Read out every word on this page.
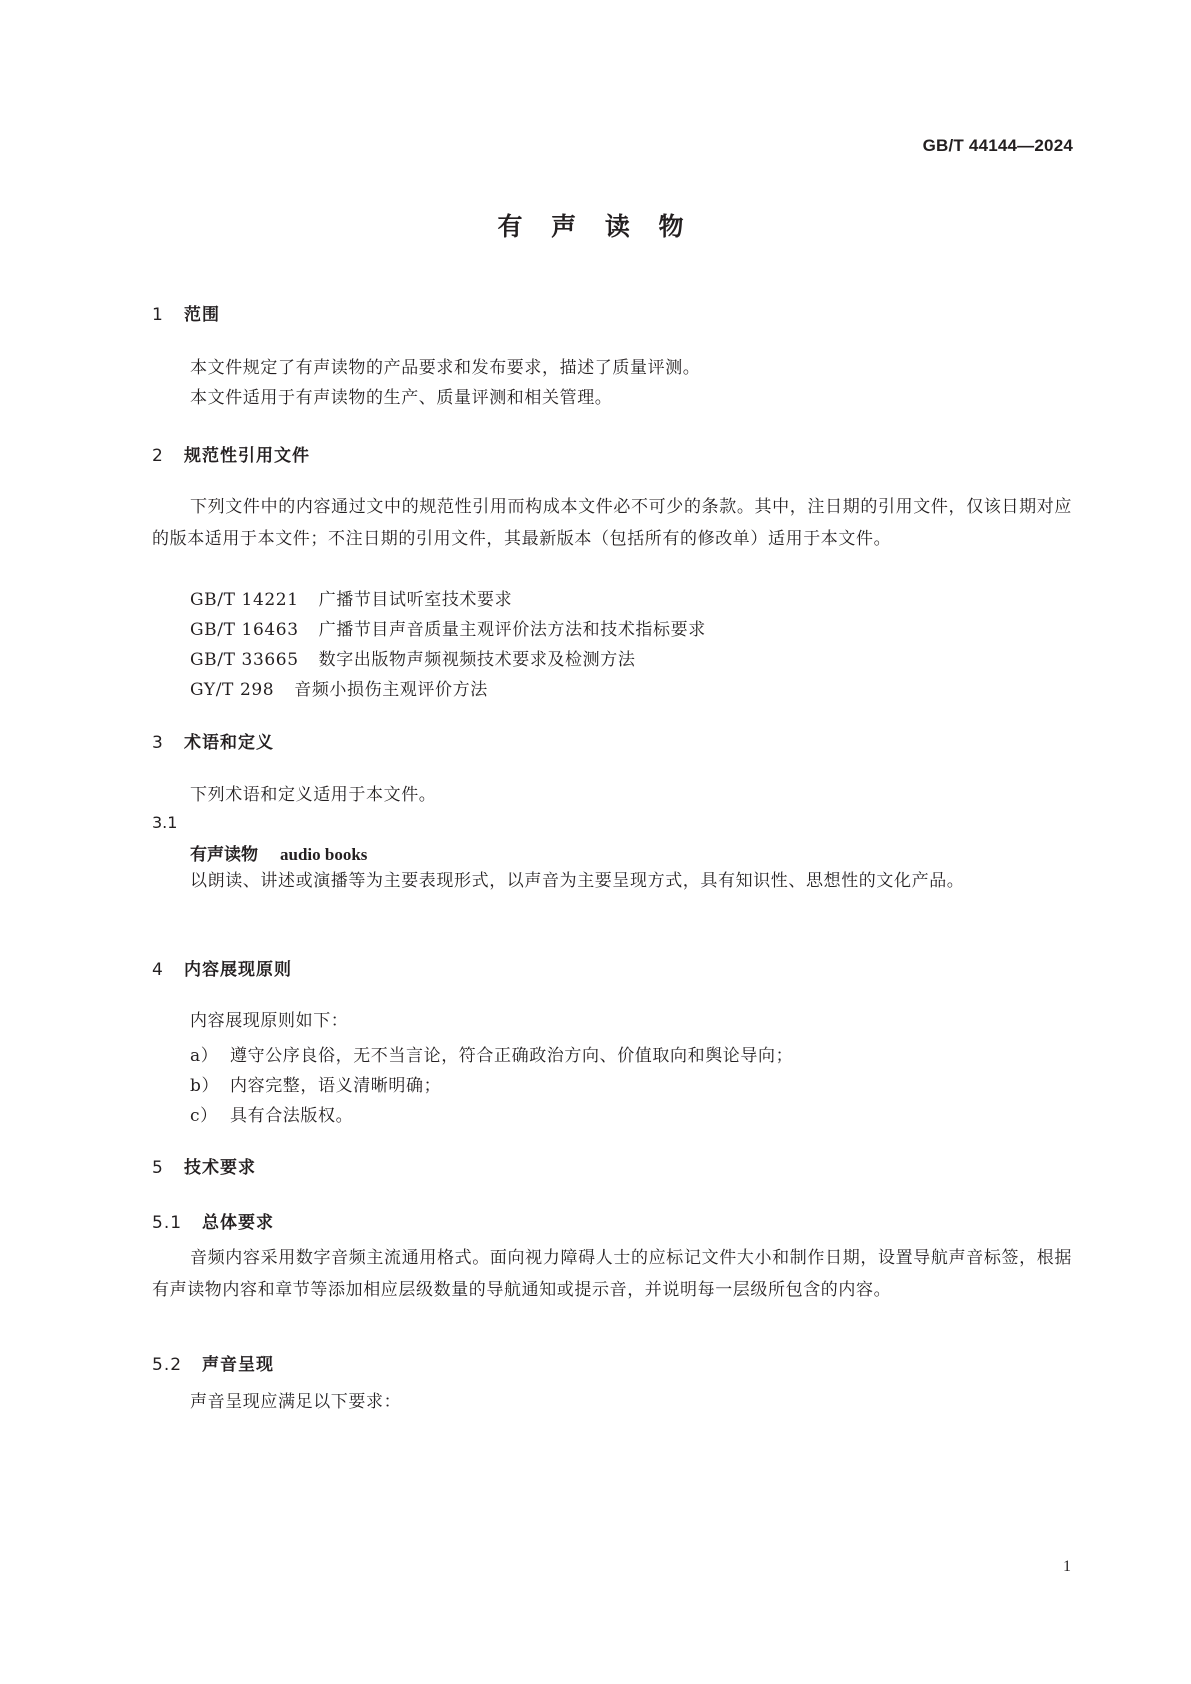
GB/T 44144—2024
有 声 读 物
1 范围
本文件规定了有声读物的产品要求和发布要求，描述了质量评测。
本文件适用于有声读物的生产、质量评测和相关管理。
2 规范性引用文件
下列文件中的内容通过文中的规范性引用而构成本文件必不可少的条款。其中，注日期的引用文件，仅该日期对应的版本适用于本文件；不注日期的引用文件，其最新版本（包括所有的修改单）适用于本文件。
GB/T 14221 广播节目试听室技术要求
GB/T 16463 广播节目声音质量主观评价法方法和技术指标要求
GB/T 33665 数字出版物声频视频技术要求及检测方法
GY/T 298 音频小损伤主观评价方法
3 术语和定义
下列术语和定义适用于本文件。
3.1
有声读物 audio books
以朗读、讲述或演播等为主要表现形式，以声音为主要呈现方式，具有知识性、思想性的文化产品。
4 内容展现原则
内容展现原则如下：
a） 遵守公序良俗，无不当言论，符合正确政治方向、价值取向和舆论导向；
b） 内容完整，语义清晰明确；
c） 具有合法版权。
5 技术要求
5.1 总体要求
音频内容采用数字音频主流通用格式。面向视力障碍人士的应标记文件大小和制作日期，设置导航声音标签，根据有声读物内容和章节等添加相应层级数量的导航通知或提示音，并说明每一层级所包含的内容。
5.2 声音呈现
声音呈现应满足以下要求：
1
